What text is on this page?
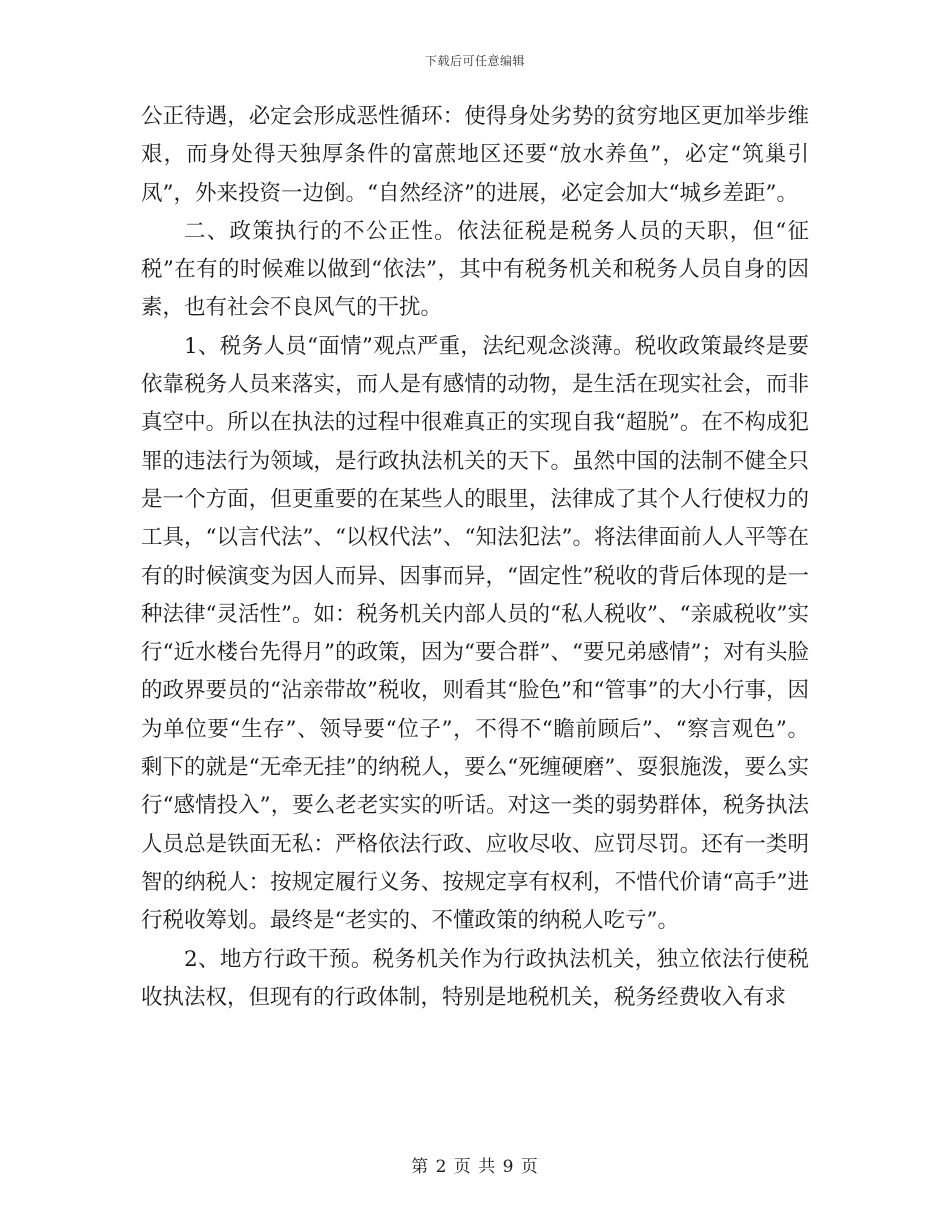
下载后可任意编辑

公正待遇，必定会形成恶性循环：使得身处劣势的贫穷地区更加举步维艰，而身处得天独厚条件的富蔗地区还要“放水养鱼”，必定“筑巢引凤”，外来投资一边倒。“自然经济”的进展，必定会加大“城乡差距”。

二、政策执行的不公正性。依法征税是税务人员的天职，但“征税”在有的时候难以做到“依法”，其中有税务机关和税务人员自身的因素，也有社会不良风气的干扰。

1、税务人员“面情”观点严重，法纪观念淡薄。税收政策最终是要依靠税务人员来落实，而人是有感情的动物，是生活在现实社会，而非真空中。所以在执法的过程中很难真正的实现自我“超脱”。在不构成犯罪的违法行为领域，是行政执法机关的天下。虽然中国的法制不健全只是一个方面，但更重要的在某些人的眼里，法律成了其个人行使权力的工具，“以言代法”、“以权代法”、“知法犯法”。将法律面前人人平等在有的时候演变为因人而异、因事而异，“固定性”税收的背后体现的是一种法律“灵活性”。如：税务机关内部人员的“私人税收”、“亲戚税收”实行“近水楼台先得月”的政策，因为“要合群”、“要兄弟感情”；对有头脸的政界要员的“沾亲带故”税收，则看其“脸色”和“管事”的大小行事，因为单位要“生存”、领导要“位子”，不得不“瞻前顾后”、“察言观色”。剩下的就是“无牵无挂”的纳税人，要么“死缠硬磨”、耍狠施泼，要么实行“感情投入”，要么老老实实的听话。对这一类的弱势群体，税务执法人员总是铁面无私：严格依法行政、应收尽收、应罚尽罚。还有一类明智的纳税人：按规定履行义务、按规定享有权利，不惜代价请“高手”进行税收筹划。最终是“老实的、不懂政策的纳税人吃亏”。

2、地方行政干预。税务机关作为行政执法机关，独立依法行使税收执法权，但现有的行政体制，特别是地税机关，税务经费收入有求

第 2 页 共 9 页
